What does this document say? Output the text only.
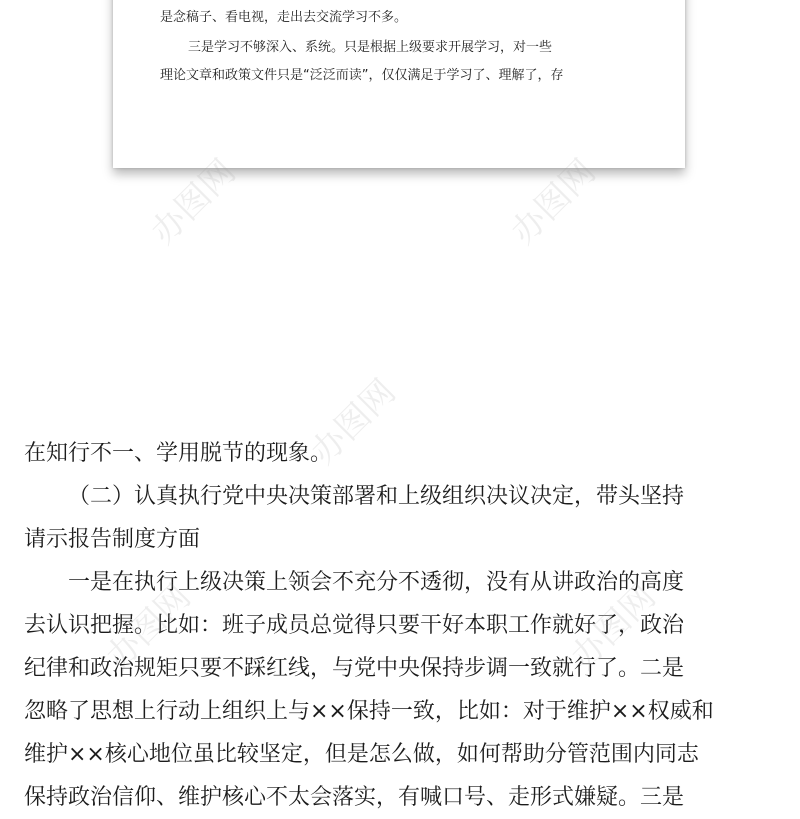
是念稿子、看电视，走出去交流学习不多。

三是学习不够深入、系统。只是根据上级要求开展学习，对一些

理论文章和政策文件只是“泛泛而读”，仅仅满足于学习了、理解了，存

在知行不一、学用脱节的现象。
（二）认真执行党中央决策部署和上级组织决议决定，带头坚持
请示报告制度方面
一是在执行上级决策上领会不充分不透彻，没有从讲政治的高度
去认识把握。比如：班子成员总觉得只要干好本职工作就好了，政治
纪律和政治规矩只要不踩红线，与党中央保持步调一致就行了。二是
忽略了思想上行动上组织上与××保持一致，比如：对于维护××权威和
维护××核心地位虽比较坚定，但是怎么做，如何帮助分管范围内同志
保持政治信仰、维护核心不太会落实，有喊口号、走形式嫌疑。三是
办图网	办图网
办图网
办图网	办图网
